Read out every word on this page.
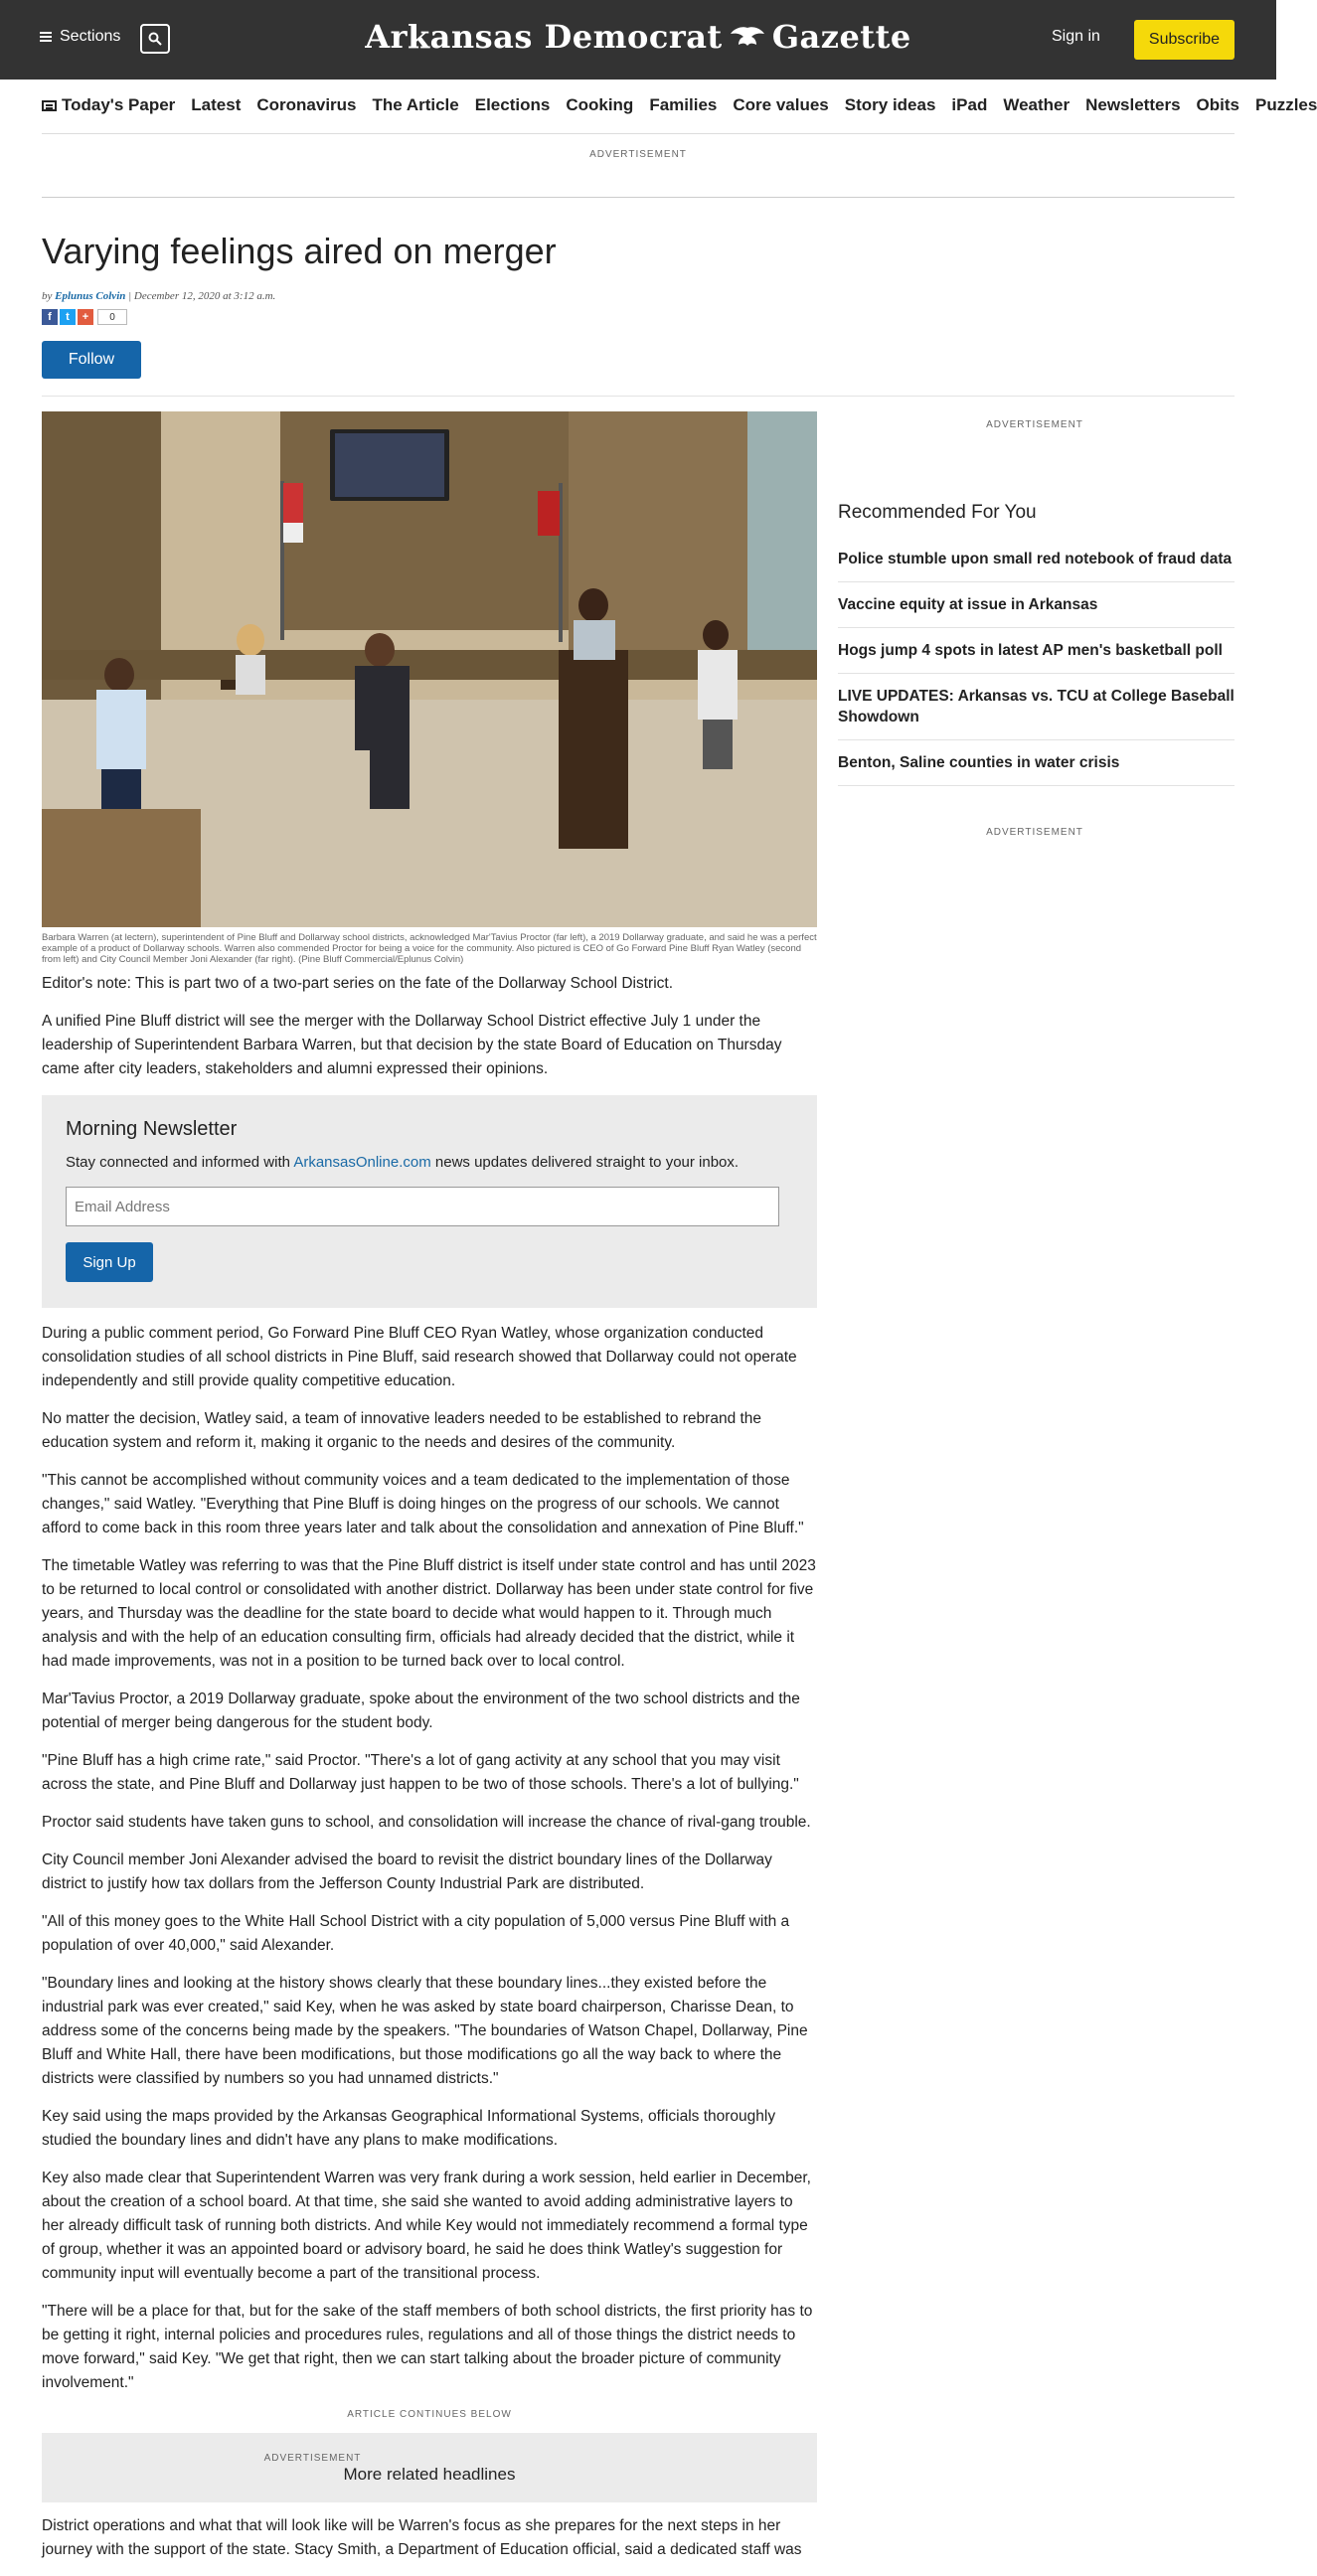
Sections	Arkansas Democrat Gazette	Sign in	Subscribe
Today's Paper Latest Coronavirus The Article Elections Cooking Families Core values Story ideas iPad Weather Newsletters Obits Puzzles
ADVERTISEMENT
Varying feelings aired on merger
by Eplunus Colvin | December 12, 2020 at 3:12 a.m.
f	t	+	0
Follow
Barbara Warren (at lectern), superintendent of Pine Bluff and Dollarway school districts, acknowledged Mar'Tavius Proctor (far left), a 2019 Dollarway graduate, and said he was a perfect example of a product of Dollarway schools. Warren also commended Proctor for being a voice for the community. Also pictured is CEO of Go Forward Pine Bluff Ryan Watley (second from left) and City Council Member Joni Alexander (far right). (Pine Bluff Commercial/Eplunus Colvin)

Editor's note: This is part two of a two-part series on the fate of the Dollarway School District.

A unified Pine Bluff district will see the merger with the Dollarway School District effective July 1 under the leadership of Superintendent Barbara Warren, but that decision by the state Board of Education on Thursday came after city leaders, stakeholders and alumni expressed their opinions.

Morning Newsletter
Stay connected and informed with ArkansasOnline.com news updates delivered straight to your inbox.
Email Address Sign Up

During a public comment period, Go Forward Pine Bluff CEO Ryan Watley, whose organization conducted consolidation studies of all school districts in Pine Bluff, said research showed that Dollarway could not operate independently and still provide quality competitive education.

No matter the decision, Watley said, a team of innovative leaders needed to be established to rebrand the education system and reform it, making it organic to the needs and desires of the community.

"This cannot be accomplished without community voices and a team dedicated to the implementation of those changes," said Watley. "Everything that Pine Bluff is doing hinges on the progress of our schools. We cannot afford to come back in this room three years later and talk about the consolidation and annexation of Pine Bluff."

The timetable Watley was referring to was that the Pine Bluff district is itself under state control and has until 2023 to be returned to local control or consolidated with another district. Dollarway has been under state control for five years, and Thursday was the deadline for the state board to decide what would happen to it. Through much analysis and with the help of an education consulting firm, officials had already decided that the district, while it had made improvements, was not in a position to be turned back over to local control.

Mar'Tavius Proctor, a 2019 Dollarway graduate, spoke about the environment of the two school districts and the potential of merger being dangerous for the student body.

"Pine Bluff has a high crime rate," said Proctor. "There's a lot of gang activity at any school that you may visit across the state, and Pine Bluff and Dollarway just happen to be two of those schools. There's a lot of bullying."

Proctor said students have taken guns to school, and consolidation will increase the chance of rival-gang trouble.

City Council member Joni Alexander advised the board to revisit the district boundary lines of the Dollarway district to justify how tax dollars from the Jefferson County Industrial Park are distributed.

"All of this money goes to the White Hall School District with a city population of 5,000 versus Pine Bluff with a population of over 40,000," said Alexander.

"Boundary lines and looking at the history shows clearly that these boundary lines...they existed before the industrial park was ever created," said Key, when he was asked by state board chairperson, Charisse Dean, to address some of the concerns being made by the speakers. "The boundaries of Watson Chapel, Dollarway, Pine Bluff and White Hall, there have been modifications, but those modifications go all the way back to where the districts were classified by numbers so you had unnamed districts."

Key said using the maps provided by the Arkansas Geographical Informational Systems, officials thoroughly studied the boundary lines and didn't have any plans to make modifications.

Key also made clear that Superintendent Warren was very frank during a work session, held earlier in December, about the creation of a school board. At that time, she said she wanted to avoid adding administrative layers to her already difficult task of running both districts. And while Key would not immediately recommend a formal type of group, whether it was an appointed board or advisory board, he said he does think Watley's suggestion for community input will eventually become a part of the transitional process.

"There will be a place for that, but for the sake of the staff members of both school districts, the first priority has to be getting it right, internal policies and procedures rules, regulations and all of those things the district needs to move forward," said Key. "We get that right, then we can start talking about the broader picture of community involvement."

ARTICLE CONTINUES BELOW
ADVERTISEMENT
More related headlines

District operations and what that will look like will be Warren's focus as she prepares for the next steps in her journey with the support of the state. Stacy Smith, a Department of Education official, said a dedicated staff was

ADVERTISEMENT
Recommended For You
Police stumble upon small red notebook of fraud data
Vaccine equity at issue in Arkansas
Hogs jump 4 spots in latest AP men's basketball poll
LIVE UPDATES: Arkansas vs. TCU at College Baseball Showdown
Benton, Saline counties in water crisis
ADVERTISEMENT
